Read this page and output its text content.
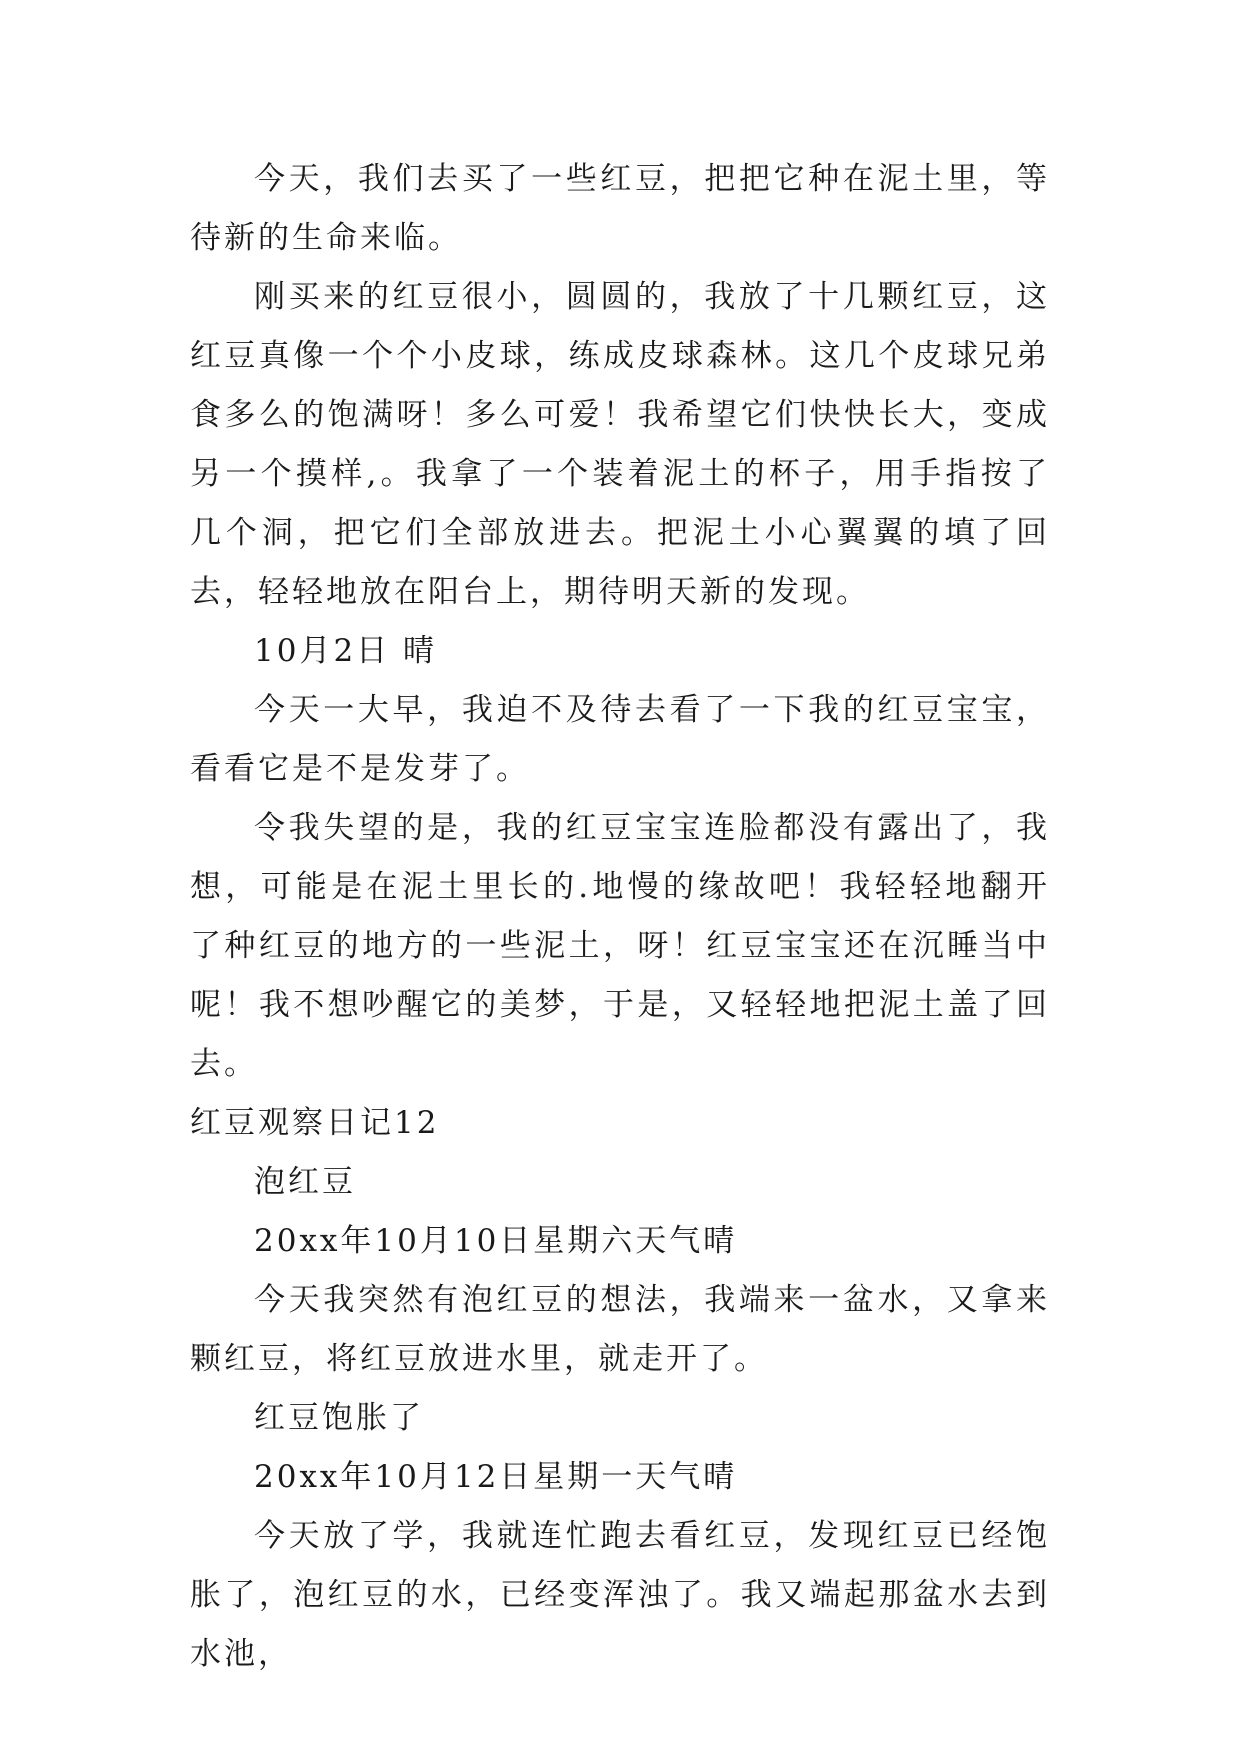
今天，我们去买了一些红豆，把把它种在泥土里，等待新的生命来临。

刚买来的红豆很小，圆圆的，我放了十几颗红豆，这红豆真像一个个小皮球，练成皮球森林。这几个皮球兄弟食多么的饱满呀！多么可爱！我希望它们快快长大，变成另一个摸样,。我拿了一个装着泥土的杯子，用手指按了几个洞，把它们全部放进去。把泥土小心翼翼的填了回去，轻轻地放在阳台上，期待明天新的发现。

10月2日 晴

今天一大早，我迫不及待去看了一下我的红豆宝宝，看看它是不是发芽了。

令我失望的是，我的红豆宝宝连脸都没有露出了，我想，可能是在泥土里长的.地慢的缘故吧！我轻轻地翻开了种红豆的地方的一些泥土，呀！红豆宝宝还在沉睡当中呢！我不想吵醒它的美梦，于是，又轻轻地把泥土盖了回去。

红豆观察日记12

泡红豆

20xx年10月10日星期六天气晴

今天我突然有泡红豆的想法，我端来一盆水，又拿来颗红豆，将红豆放进水里，就走开了。

红豆饱胀了

20xx年10月12日星期一天气晴

今天放了学，我就连忙跑去看红豆，发现红豆已经饱胀了，泡红豆的水，已经变浑浊了。我又端起那盆水去到水池，
